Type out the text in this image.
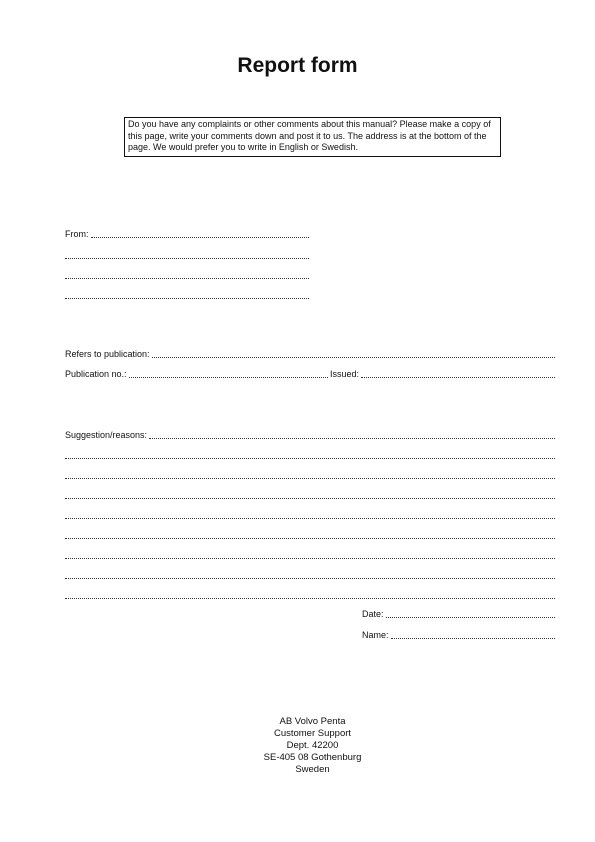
Report form
Do you have any complaints or other comments about this manual? Please make a copy of this page, write your comments down and post it to us. The address is at the bottom of the page. We would prefer you to write in English or Swedish.
From:
Refers to publication:
Publication no.:	Issued:
Suggestion/reasons:
Date:
Name:
AB Volvo Penta
Customer Support
Dept. 42200
SE-405 08 Gothenburg
Sweden
